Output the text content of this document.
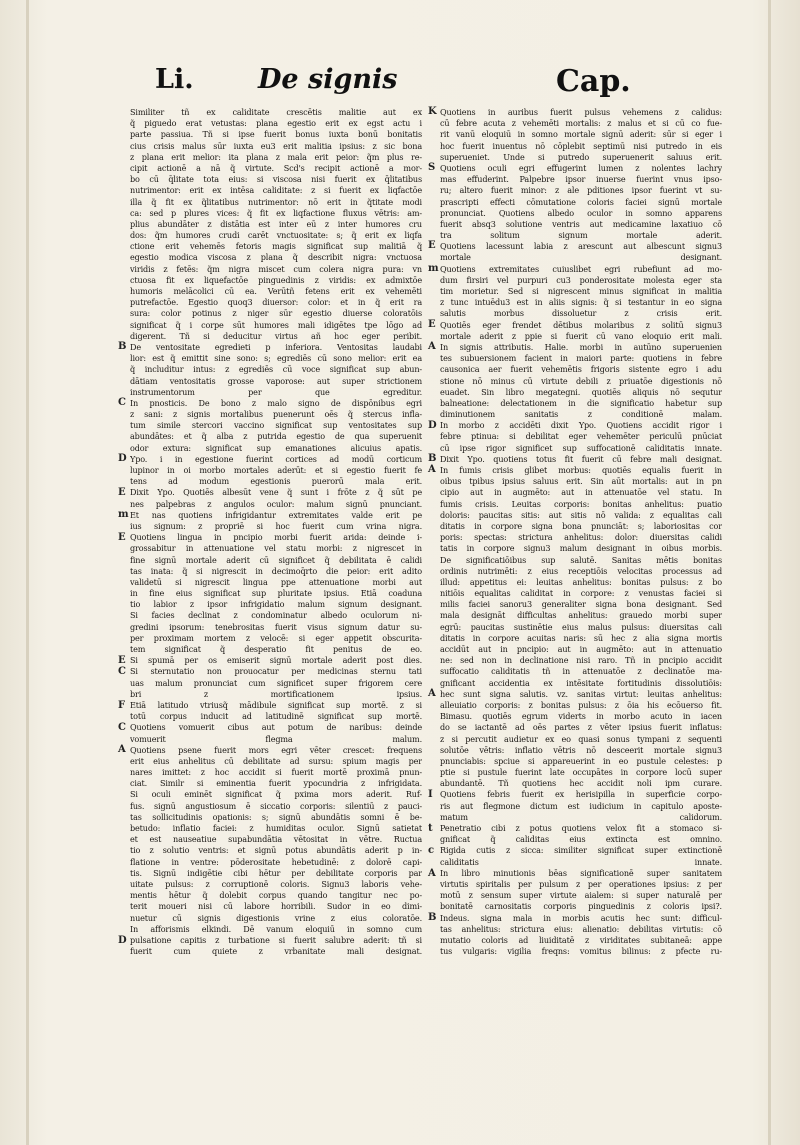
Li. De signis	Cap.
Similiter tñ ex caliditate crescētis malitie aut ex
q̃ piguedo erat vetustas: plana egestio erit ex egst actu i
parte passiua. Tñ si ipse fuerit bonus iuxta bonū bonitatis
cius crisis malus sūr iuxta eu3 erit malitia ipsius: z sic bona
z plana erit melior: ita plana z mala erit peior: q̃m plus re-
cipit actionē a nā q̃ virtute. Scd's recipit actionē a mor-
bo cū q̄litate tota eius: si viscosa nisi fuerit ex q̄litatibus
nutrimentor: erit ex intēsa caliditate: z si fuerit ex liqfactōe
illa q̃ fit ex q̃litatibus nutrimentor: nō erit in q̃titate modi
ca: sed p plures vices: q̃ fit ex liqfactione fluxus vētris: am-
plius abundāter z distātia est inter eū z inter humores cru
dos: q̃m humores crudi carēt vnctuositate: s; q̃ erit ex liqfa
ctione erit vehemēs fetoris magis significat sup malitiā q̃
egestio modica viscosa z plana q̃ describit nigra: vnctuosa
viridis z fetēs: q̃m nigra miscet cum colera nigra pura: vn
ctuosa fit ex liquefactōe pinguedinis z viridis: ex admixtōe
humoris melācolici cū ea. Verūtñ fetens erit ex vehemēti
putrefactōe. Egestio quoq3 diuersor: color: et in q̃ erit ra
sura: color potinus z niger sūr egestio diuerse coloratōis
significat q̃ i corpe sūt humores mali idigētes tpe lōgo ad
digerent. Tñ si deducitur virtus añ hoc eger peribit.
De ventositate egredieti p inferiora. Ventositas laudabi
lior: est q̃ emittit sine sono: s; egrediēs cū sono melior: erit ea
q̃ includitur intus: z egrediēs cū voce significat sup abun-
dātiam ventositatis grosse vaporose: aut super strictionem
instrumentorum per que egreditur.
In pnosticis. De bono z malo signo de dispōnibus egri
z sani: z signis mortalibus puenerunt oēs q̃ stercus infla-
tum simile stercori vaccino significat sup ventositates sup
abundātes: et q̃ alba z putrida egestio de qua superuenit
odor extura: significat sup emanationes alicuius apatis.
Ypo. i in egestione fuerint cortices ad modū corticum
lupinor in oi morbo mortales aderūt: et si egestio fuerit fe
tens ad modum egestionis puerorū mala erit.
Dixit Ypo. Quotiēs albesūt vene q̃ sunt i frōte z q̃ sūt pe
nes palpebras z angulos oculor: malum signū pnunciant.
Et nas quotiens infrigidantur extremitates valde erit pe
ius signum: z propriē si hoc fuerit cum vrina nigra.
Quotiens lingua in pncipio morbi fuerit arida: deinde i-
grossabitur in attenuatione vel statu morbi: z nigrescet in
fine signū mortale aderit cū significet q̃ debilitata ē calidi
tas inata: q̃ si nigrescit in decimoq̄rto die peior: erit adito
validetū si nigrescit lingua ppe attenuatione morbi aut
in fine eius significat sup pluritate ipsius. Etiā coaduna
tio labior z ipsor infrigidatio malum signum designant.
Si facies declinat z condominatur albedo oculorum ni-
gredini ipsorum: tenebrositas fuerit visus signum datur su-
per proximam mortem z velocē: si eger appetit obscurita-
tem significat q̃ desperatio fit penitus de eo.
Si spumā per os emiserit signū mortale aderit post dies.
Si sternutatio non prouocatur per medicinas sternu tati
uas malum pronunciat cum significet super frigorem cere
bri z mortificationem ipsius.
Etiā latitudo vtriusq̃ mādibule significat sup mortē. z si
totū corpus inducit ad latitudinē significat sup mortē.
Quotiens vomuerit cibus aut potum de naribus: deinde
vomuerit flegma malum.
Quotiens psene fuerit mors egri vēter crescet: frequens
erit eius anhelitus cū debilitate ad sursu: spium magis per
nares imittet: z hoc accidit si fuerit mortē proximā pnun-
ciat. Similr si eminentia fuerit ypocundria z infrigidata.
Si oculi eminēt significat q̃ pxima mors aderit. Ruf-
fus. signū angustiosum ē siccatio corporis: silentiū z pauci-
tas sollicitudinis opationis: s; signū abundātis somni ē be-
betudo: inflatio faciei: z humiditas oculor. Signū satietat
et est nauseatiue supabundātia vētositat in vētre. Ructua
tio z solutio ventris: et signū potus abundātis aderit p in-
flatione in ventre: pōderositate hebetudinē: z dolorē capi-
tis. Signū indigētie cibi hētur per debilitate corporis par
uitate pulsus: z corruptionē coloris. Signu3 laboris vehe-
mentis hētur q̃ dolebit corpus quando tangitur nec po-
terit moueri nisi cū labore horribili. Sudor in eo dimi-
nuetur cū signis digestionis vrine z eius coloratōe.
In afforismis elkindi. Dē vanum eloquiū in somno cum
pulsatione capitis z turbatione si fuerit salubre aderit: tñ si
fuerit cum quiete z vrbanitate mali designat.
Quotiens in auribus fuerit pulsus vehemens z calidus:
cū febre acuta z vehemēti mortalis: z malus et si cū co fue-
rit vanū eloquiū in somno mortale signū aderit: sūr si eger i
hoc fuerit inuentus nō cōplebit septimū nisi putredo in eis
superueniet. Unde si putredo superuenerit saluus erit.
Quotiens oculi egri effugerint lumen z nolentes lachry
mas effuderint. Palpebre ipsor inuerse fuerint vnus ipso-
ru; altero fuerit minor: z ale pditiones ipsor fuerint vt su-
prascripti effecti cōmutatione coloris faciei signū mortale
pronunciat. Quotiens albedo oculor in somno apparens
fuerit absq3 solutione ventris aut medicamine laxatiuo cō
tra solitum signum mortale aderit.
Quotiens lacessunt labia z arescunt aut albescunt signu3
mortale designant.
Quotiens extremitates cuiuslibet egri rubefiunt ad mo-
dum firsiri vel purpuri cu3 ponderositate molesta eger sta
tim morietur. Sed si nigrescent minus significat in malitia
z tunc intuēdu3 est in aliis signis: q̃ si testantur in eo signa
salutis morbus dissoluetur z crisis erit.
Quotiēs eger frendet dētibus molaribus z solitū signu3
mortale aderit z ppie si fuerit cū vano eloquio erit mali.
In signis attributis. Halie. morbi in autūno superuenien
tes subuersionem facient in maiori parte: quotiens in febre
causonica aer fuerit vehemētis frigoris sistente egro i adu
stione nō minus cū virtute debili z priuatōe digestionis nō
euadet. Sin libro megategni. quotiēs aliquis nō sequtur
balneatione: delectationem in die significatio habetur sup
diminutionem sanitatis z conditionē malam.
In morbo z accidēti dixit Ypo. Quotiens accidit rigor i
febre ptinua: si debilitat eger vehemēter periculū pnūciat
cū ipse rigor significet sup suffocationē caliditatis innate.
Dixit Ypo. quotiens totus fit fuerit cū febre mali designat.
In fumis crisis glibet morbus: quotiēs equalis fuerit in
oibus tpibus ipsius saluus erit. Sin aūt mortalis: aut in pn
cipio aut in augmēto: aut in attenuatōe vel statu. In
fumis crisis. Leuitas corporis: bonitas anhelitus: puatio
doloris: paucitas sitis: aut sitis nō valida: z equalitas cali
ditatis in corpore signa bona pnunciāt: s; laboriositas cor
poris: spectas: strictura anhelitus: dolor: diuersitas calidi
tatis in corpore signu3 malum designant in oibus morbis.
De significatiōibus sup salutē. Sanitas mētis bonitas
ordinis nutrimēti: z eius receptiōis velocitas processus ad
illud: appetitus ei: leuitas anhelitus: bonitas pulsus: z bo
nitiōis equalitas caliditat in corpore: z venustas faciei si
milis faciei sanoru3 generaliter signa bona designant. Sed
mala designāt difficultas anhelitus: grauedo morbi super
egrū: paucitas sustinētie eius malus pulsus: diuersitas cali
ditatis in corpore acuitas naris: sū hec z alia signa mortis
accidūt aut in pncipio: aut in augmēto: aut in attenuatio
ne: sed non in declinatione nisi raro. Tñ in pncipio accidit
suffocatio caliditatis tñ in attenuatōe z declinatōe ma-
gnificant accidentia ex intēsitate fortitudinis dissolutiōis:
hec sunt signa salutis. vz. sanitas virtut: leuitas anhelitus:
alleuiatio corporis: z bonitas pulsus: z ōia his ecōuerso fit.
Bimasu. quotiēs egrum viderts in morbo acuto in iacen
do se iactantē ad oēs partes z vēter ipsius fuerit inflatus:
z si percutit audietur ex eo quasi sonus tympani z sequenti
solutōe vētris: inflatio vētris nō desceerit mortale signu3
pnunciabis: spciue si appareuerint in eo pustule celestes: p
ptie si pustule fuerint late occupātes in corpore locū super
abundantē. Tñ quotiens hec accidit noli ipm curare.
Quotiens febris fuerit ex herisipilla in superficie corpo-
ris aut flegmone dictum est iudicium in capitulo aposte-
matum calidorum.
Penetratio cibi z potus quotiens velox fit a stomaco si-
gnificat q̃ caliditas eius extincta est omnino.
Rigida cutis z sicca: similiter significat super extinctionē
caliditatis innate.
In libro minutionis bēas significationē super sanitatem
virtutis spiritalis per pulsum z per operationes ipsius: z per
motū z sensum super virtute aialem: si super naturalē per
bonitatē carnositatis corporis pinguedinis z coloris ipsi?.
Indeus. signa mala in morbis acutis hec sunt: difficul-
tas anhelitus: strictura eius: alienatio: debilitas virtutis: cō
mutatio coloris ad liuiditatē z viriditates subitaneā: appe
tus vulgaris: vigilia freqns: vomitus bilinus: z pfecte ru-
B
C
D
E
m
E
E
C
F
C
A
D
K
S
E
m
E
A
D
B
A
A
I
t
c
A
B
